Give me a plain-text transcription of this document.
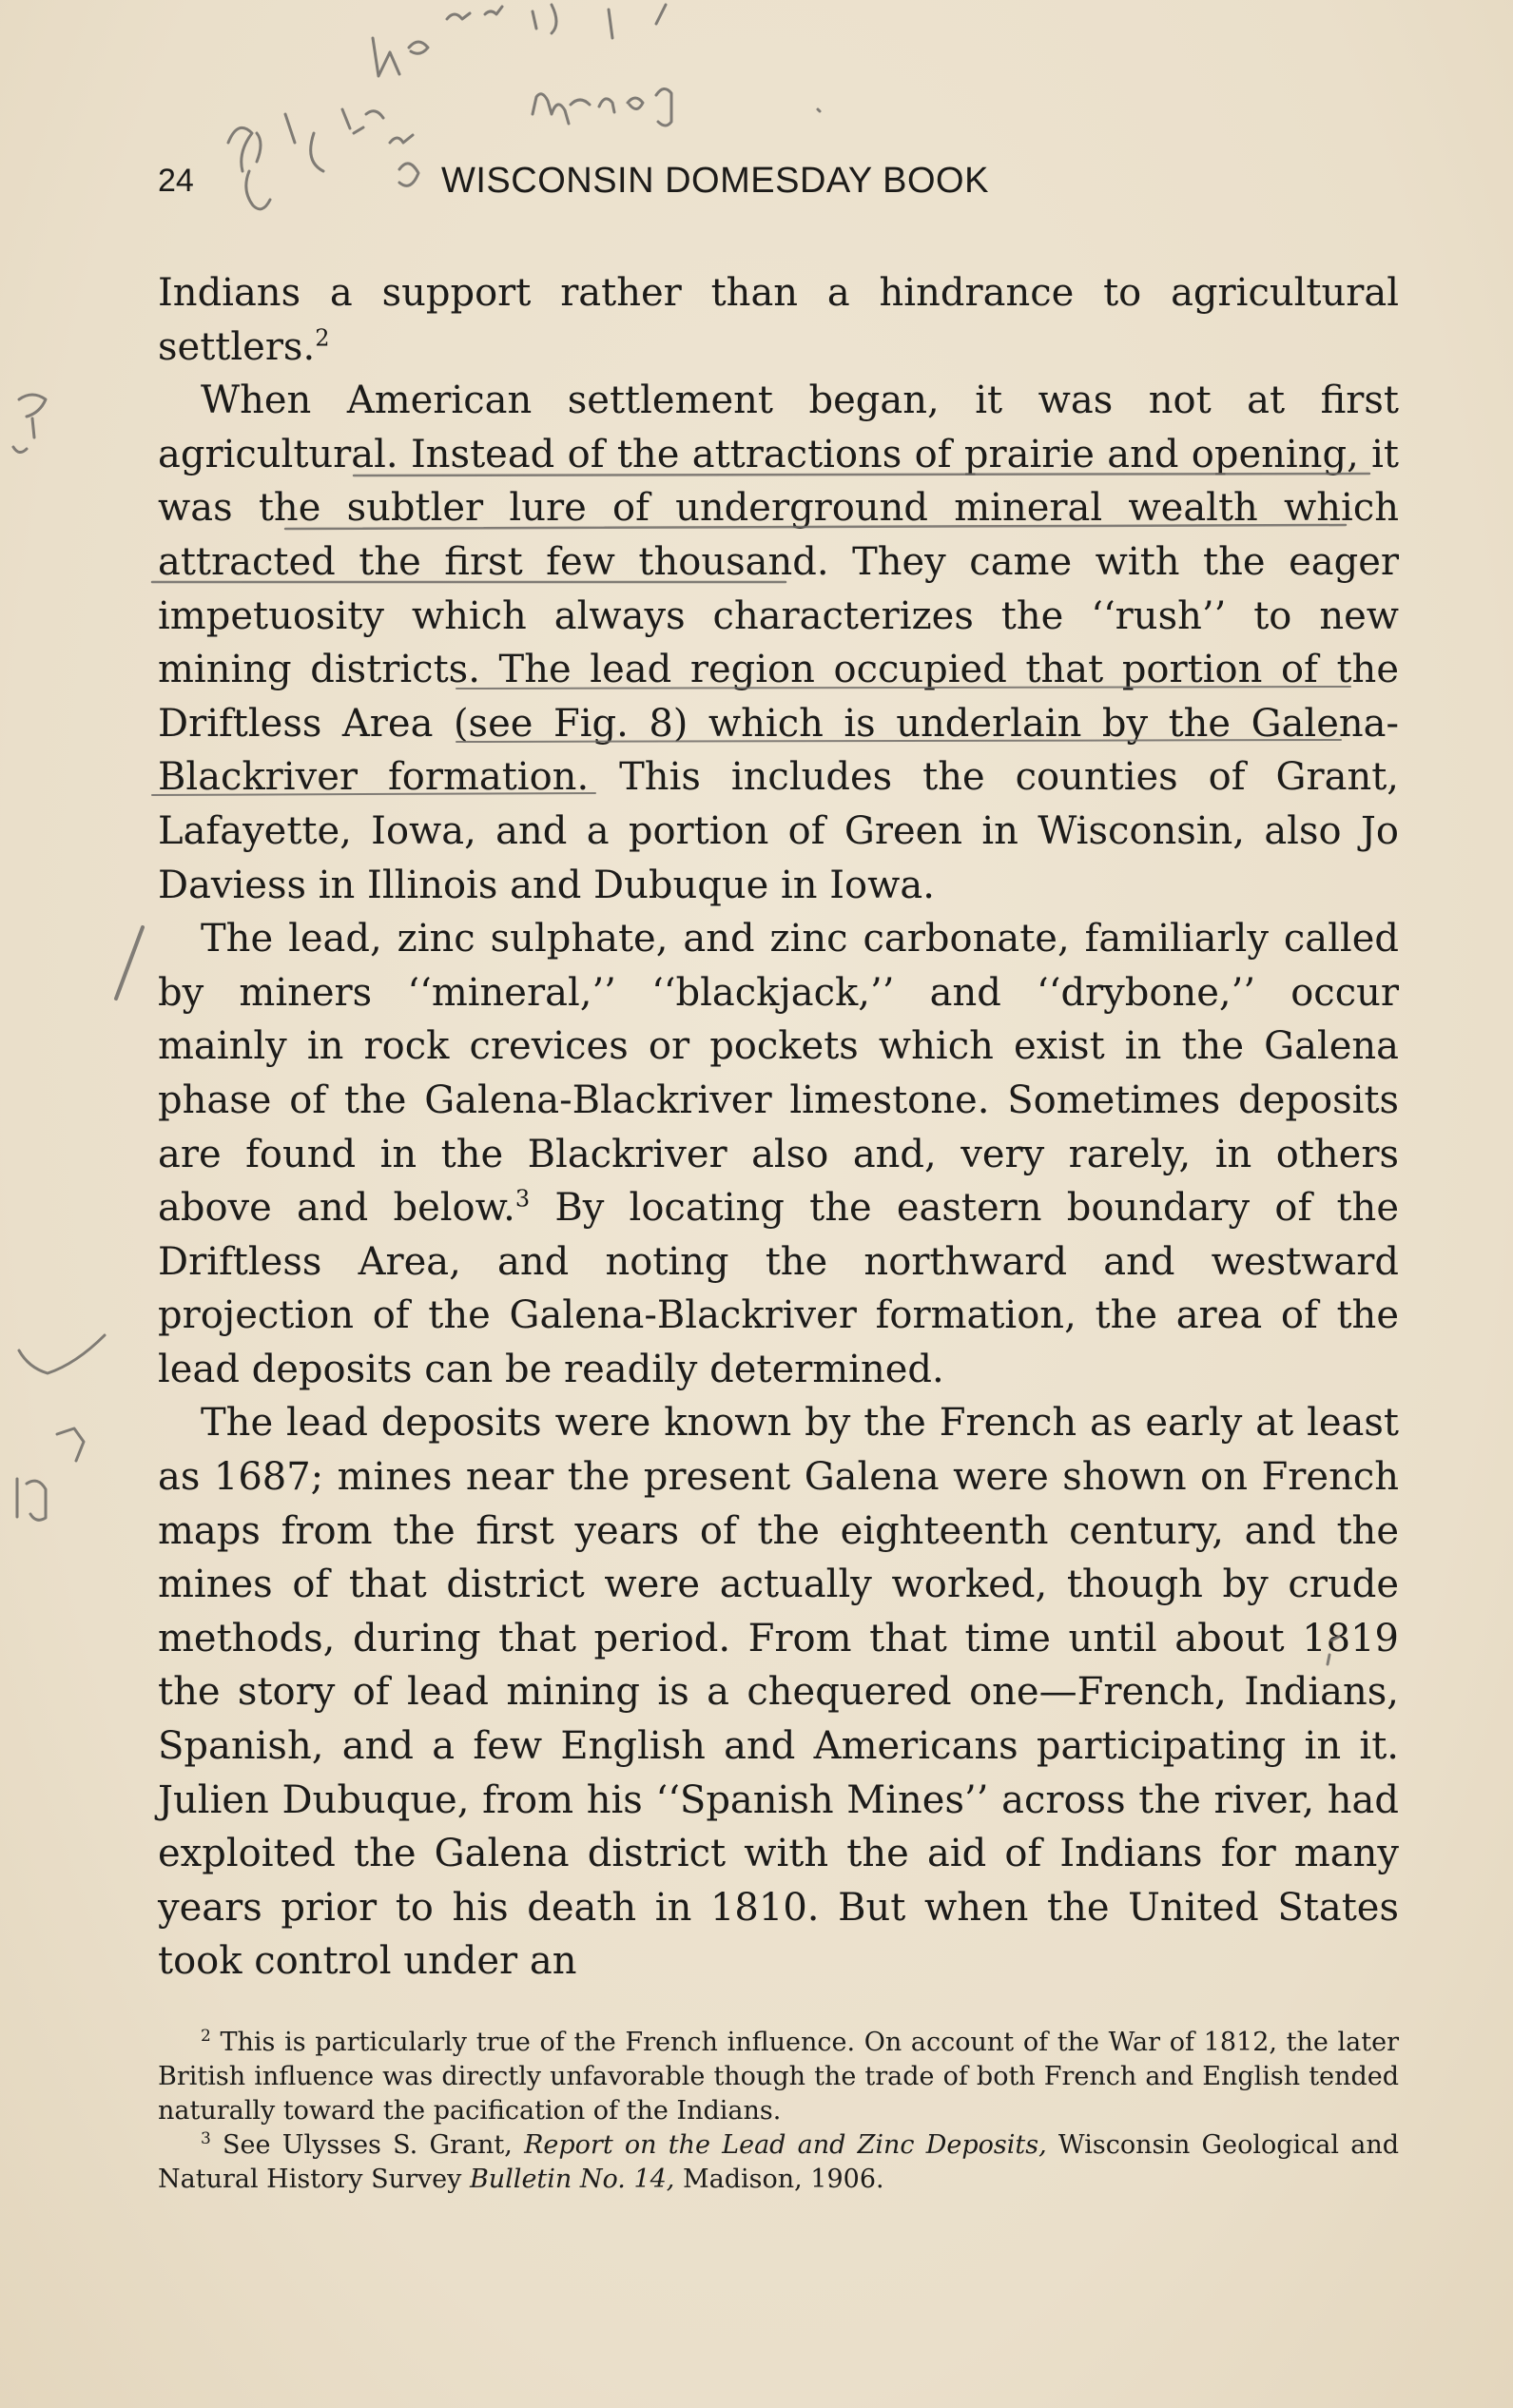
24	WISCONSIN DOMESDAY BOOK

Indians a support rather than a hindrance to agricultural settlers.$^2$

When American settlement began, it was not at first agricultural. Instead of the attractions of prairie and opening, it was the subtler lure of underground mineral wealth which attracted the first few thousand. They came with the eager impetuosity which always characterizes the ‘‘rush’’ to new mining districts. The lead region occupied that portion of the Driftless Area (see Fig. 8) which is underlain by the Galena-Blackriver formation. This includes the counties of Grant, Lafayette, Iowa, and a portion of Green in Wisconsin, also Jo Daviess in Illinois and Dubuque in Iowa.

The lead, zinc sulphate, and zinc carbonate, familiarly called by miners ‘‘mineral,’’ ‘‘blackjack,’’ and ‘‘drybone,’’ occur mainly in rock crevices or pockets which exist in the Galena phase of the Galena-Blackriver limestone. Sometimes deposits are found in the Blackriver also and, very rarely, in others above and below.$^3$ By locating the eastern boundary of the Driftless Area, and noting the northward and westward projection of the Galena-Blackriver formation, the area of the lead deposits can be readily determined.

The lead deposits were known by the French as early at least as 1687; mines near the present Galena were shown on French maps from the first years of the eighteenth century, and the mines of that district were actually worked, though by crude methods, during that period. From that time until about 1819 the story of lead mining is a chequered one—French, Indians, Spanish, and a few English and Americans participating in it. Julien Dubuque, from his ‘‘Spanish Mines’’ across the river, had exploited the Galena district with the aid of Indians for many years prior to his death in 1810. But when the United States took control under an

$^2$ This is particularly true of the French influence. On account of the War of 1812, the later British influence was directly unfavorable though the trade of both French and English tended naturally toward the pacification of the Indians.

$^3$ See Ulysses S. Grant, Report on the Lead and Zinc Deposits, Wisconsin Geological and Natural History Survey Bulletin No. 14, Madison, 1906.
